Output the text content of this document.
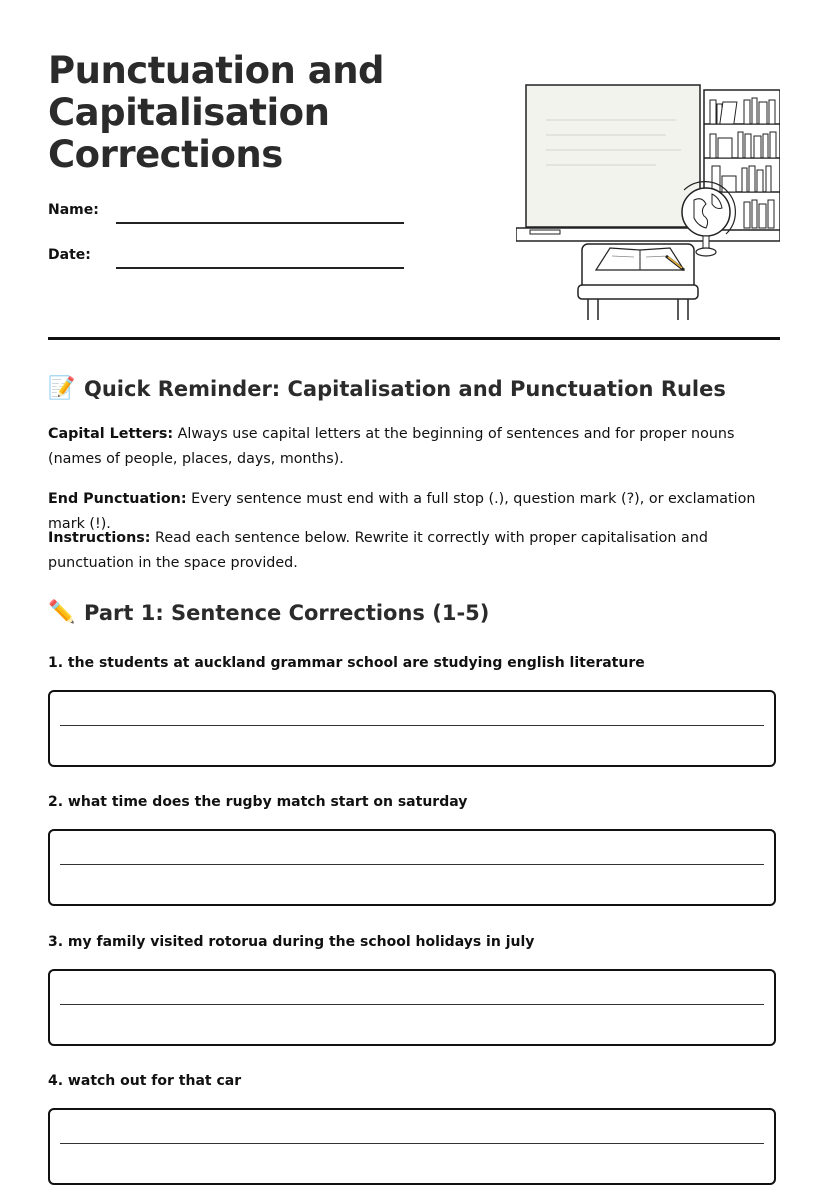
Punctuation and Capitalisation Corrections
Name:
Date:
📝 Quick Reminder: Capitalisation and Punctuation Rules

Capital Letters: Always use capital letters at the beginning of sentences and for proper nouns (names of people, places, days, months).

End Punctuation: Every sentence must end with a full stop (.), question mark (?), or exclamation mark (!).

Instructions: Read each sentence below. Rewrite it correctly with proper capitalisation and punctuation in the space provided.

✏️ Part 1: Sentence Corrections (1-5)

1. the students at auckland grammar school are studying english literature

2. what time does the rugby match start on saturday

3. my family visited rotorua during the school holidays in july

4. watch out for that car
